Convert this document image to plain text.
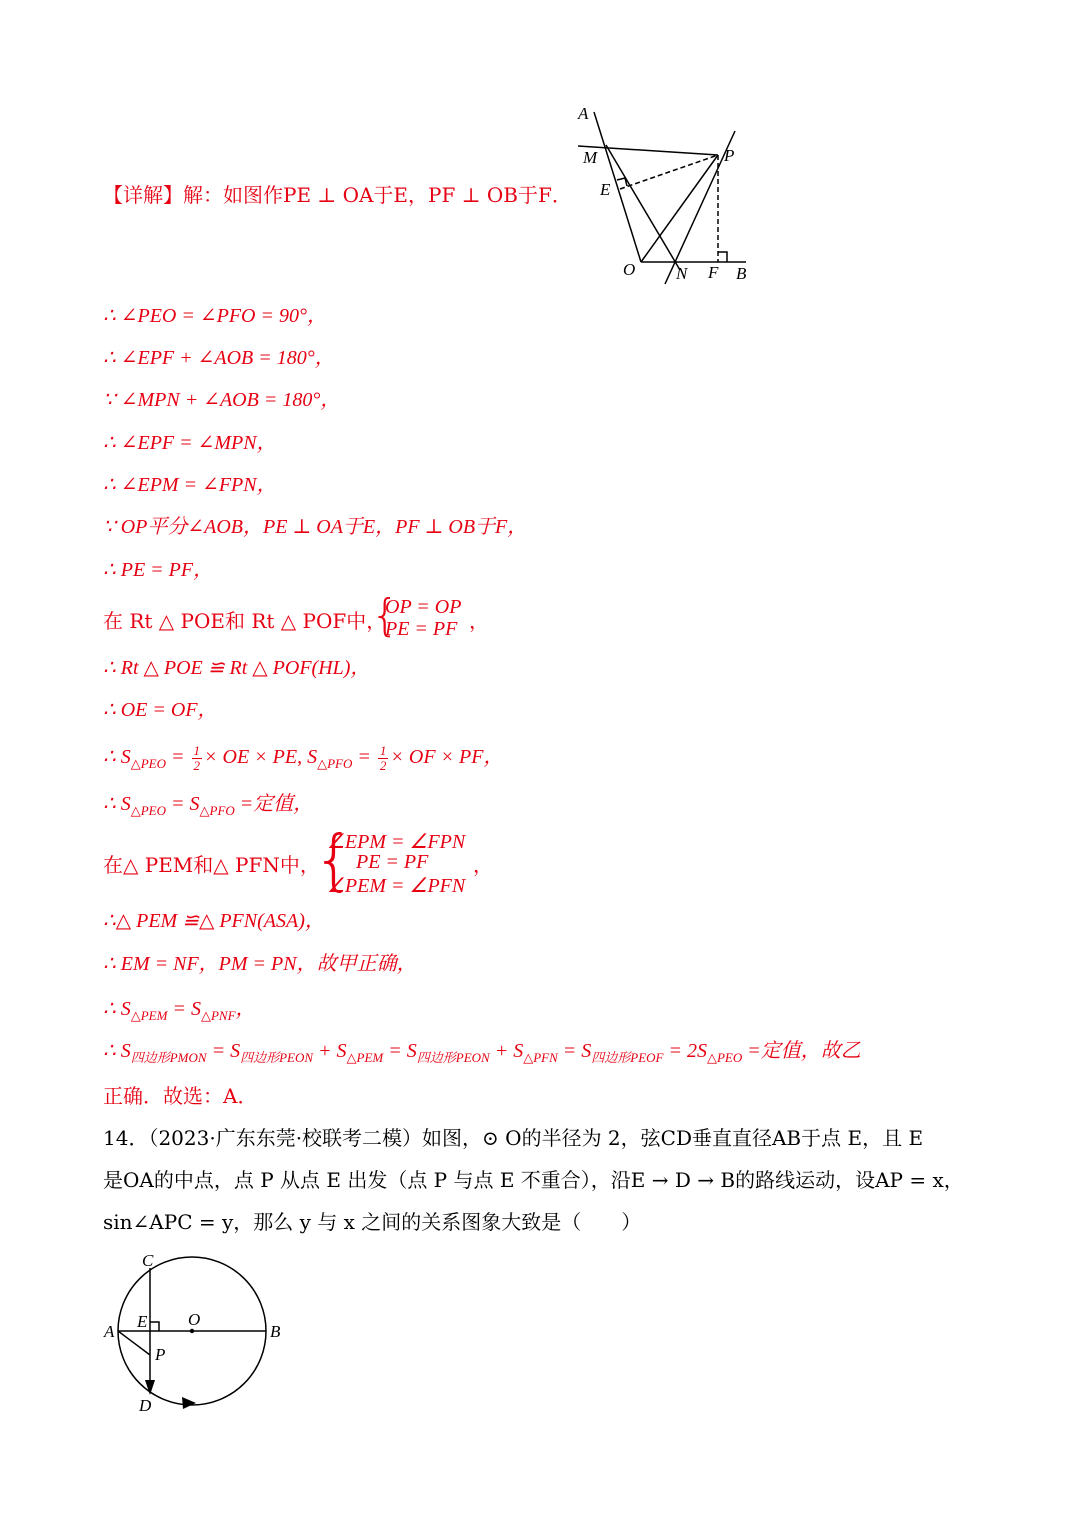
A
M	P
E
O N F B
【详解】解：如图作PE ⊥ OA于E，PF ⊥ OB于F．
∴ ∠PEO = ∠PFO = 90°，
∴ ∠EPF + ∠AOB = 180°，
∵ ∠MPN + ∠AOB = 180°，
∴ ∠EPF = ∠MPN，
∴ ∠EPM = ∠FPN，
∵ OP平分∠AOB，PE ⊥ OA于E，PF ⊥ OB于F，
∴ PE = PF，
在 Rt △ POE和 Rt △ POF中，
{
OP = OP
PE = PF ，
∴ Rt △ POE ≌ Rt △ POF(HL)，
∴ OE = OF，
∴ $S_{\triangle PEO} = \frac{1}{2}$ × OE × PE, $S_{\triangle PFO} = \frac{1}{2}$ × OF × PF，
∴ $S_{\triangle PEO} = S_{\triangle PFO}$ =定值，
在△ PEM和△ PFN中，
{
∠EPM = ∠FPN
PE = PF
∠PEM = ∠PFN
，
∴△ PEM ≌△ PFN(ASA)，
∴ EM = NF，PM = PN，故甲正确，
∴ $S_{\triangle PEM} = S_{\triangle PNF}$，
∴ $S_{四边形PMON} = S_{四边形PEON} + S_{\triangle PEM} = S_{四边形PEON} + S_{\triangle PFN} = S_{四边形PEOF} = 2S_{\triangle PEO}$ =定值，故乙
正确．故选：A．
14．（2023·广东东莞·校联考二模）如图，⊙ O的半径为 2，弦CD垂直直径AB于点 E，且 E
是OA的中点，点 P 从点 E 出发（点 P 与点 E 不重合），沿E → D → B的路线运动，设AP = x，
sin∠APC = y，那么 y 与 x 之间的关系图象大致是（　　）
C
A
E O
B
P
D
